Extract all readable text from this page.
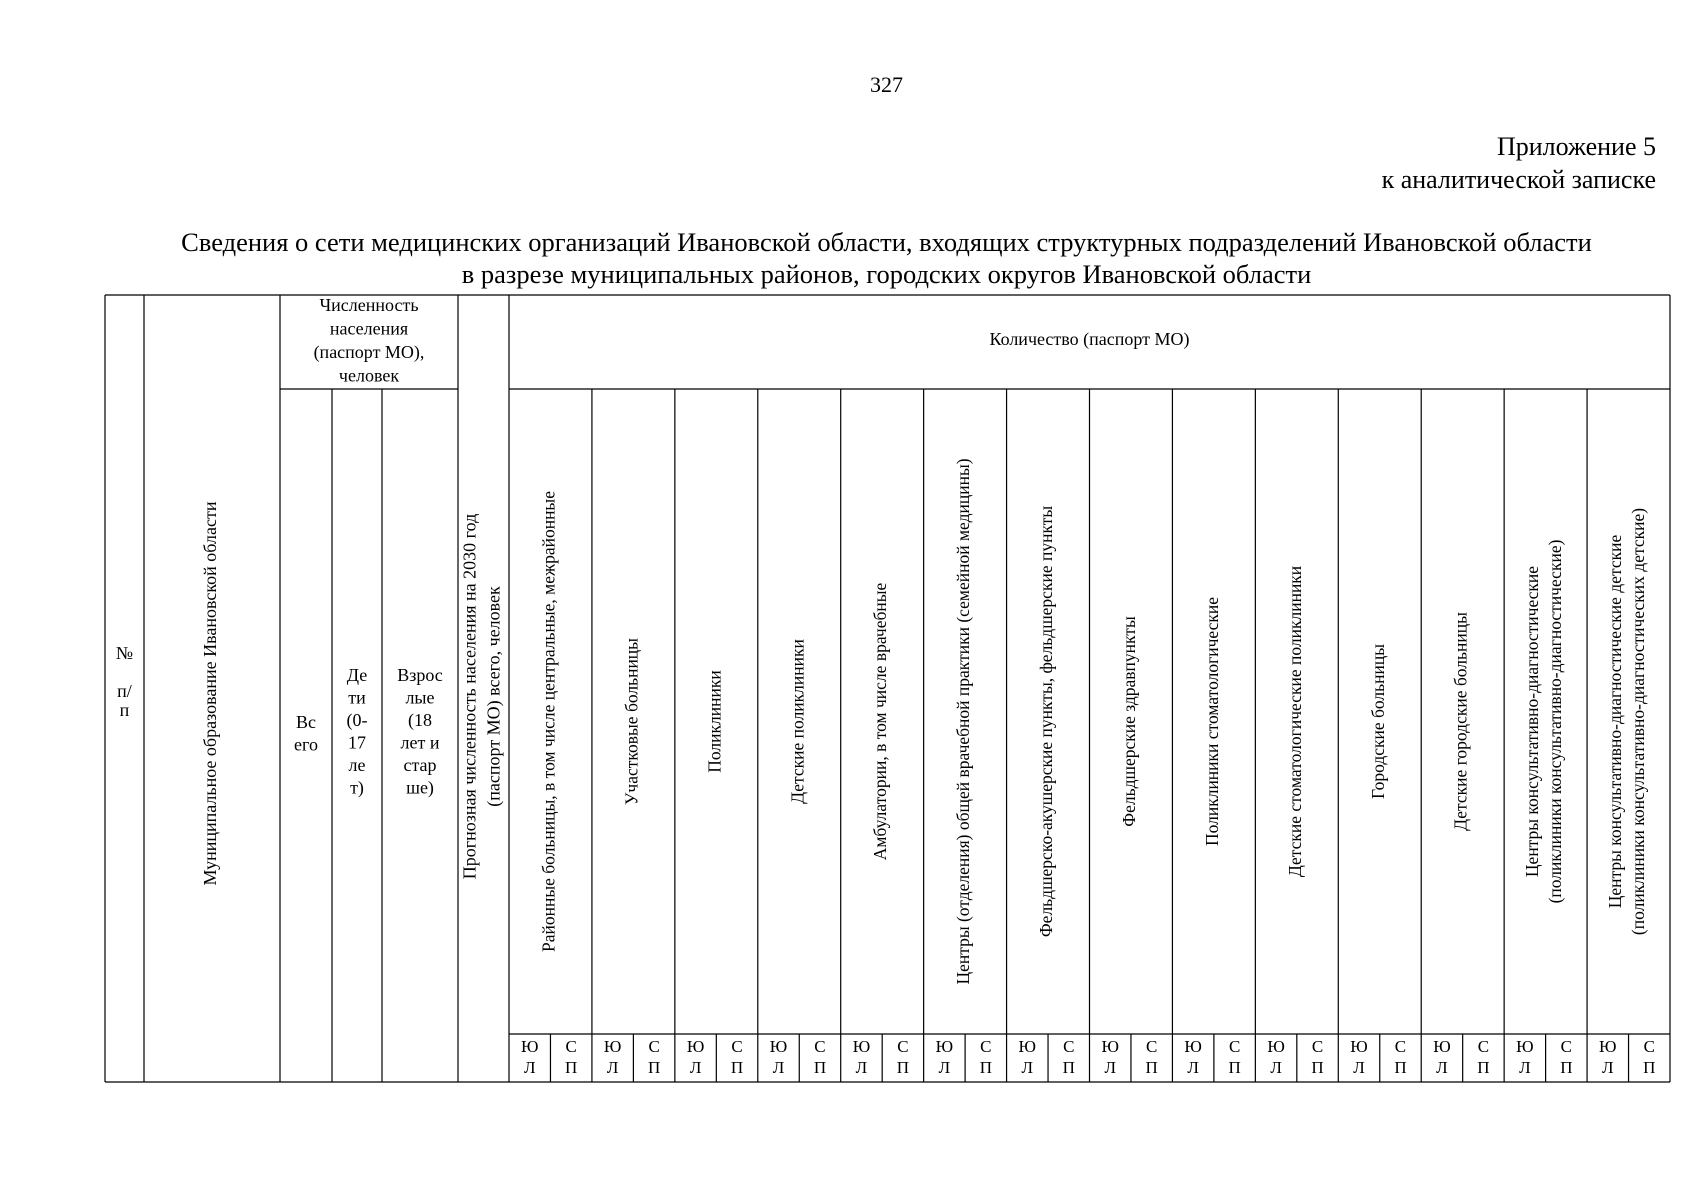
327
Приложение 5
к аналитической записке
Сведения о сети медицинских организаций Ивановской области, входящих структурных подразделений Ивановской области
в разрезе муниципальных районов, городских округов Ивановской области
№
п/
п	Муниципальное образование Ивановской области
Численность
населения
(паспорт МО),
человек
Вс
его
Де
ти
(0-
17
ле
т)
Взрос
лые
(18
лет и
стар
ше) Прогнозная численность населения на 2030 год (паспорт МО) всего, человек
Количество (паспорт МО)
Районные больницы, в том числе центральные, межрайонные
Ю
Л
С
П
Участковые больницы
Ю
Л
С
П
Поликлиники
Ю
Л
С
П
Детские поликлиники
Ю
Л
С
П
Амбулатории, в том числе врачебные
Ю
Л
С
П
Центры (отделения) общей врачебной практики (семейной медицины)
Ю
Л
С
П
Фельдшерско-акушерские пункты, фельдшерские пункты
Ю
Л
С
П
Фельдшерские здравпункты
Ю
Л
С
П
Поликлиники стоматологические
Ю
Л
С
П
Детские стоматологические поликлиники
Ю
Л
С
П
Городские больницы
Ю
Л
С
П
Детские городские больницы
Ю
Л
С
П
Центры консультативно-диагностические (поликлиники консультативно-диагностические)
Ю
Л
С
П
Центры консультативно-диагностические детские (поликлиники консультативно-диагностических детские)
Ю
Л
С
П
